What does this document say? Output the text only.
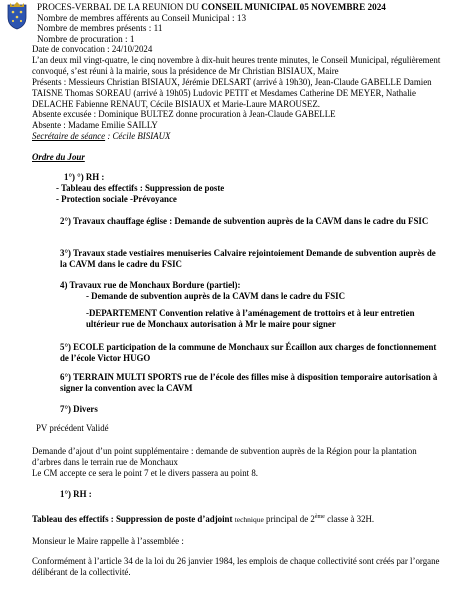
PROCES-VERBAL DE LA REUNION DU CONSEIL MUNICIPAL 05 NOVEMBRE 2024
Nombre de membres afférents au Conseil Municipal : 13
Nombre de membres présents : 11
Nombre de procuration : 1

Date de convocation : 24/10/2024

L’an deux mil vingt-quatre, le cinq novembre à dix-huit heures trente minutes, le Conseil Municipal, régulièrement convoqué, s’est réuni à la mairie, sous la présidence de Mr Christian BISIAUX, Maire

Présents : Messieurs Christian BISIAUX, Jérémie DELSART (arrivé à 19h30), Jean-Claude GABELLE Damien TAISNE Thomas SOREAU (arrivé à 19h05) Ludovic PETIT et Mesdames Catherine DE MEYER, Nathalie DELACHE Fabienne RENAUT, Cécile BISIAUX et Marie-Laure MAROUSEZ.

Absente excusée : Dominique BULTEZ donne procuration à Jean-Claude GABELLE

Absente : Madame Emilie SAILLY

Secrétaire de séance : Cécile BISIAUX

Ordre du Jour

1°) °) RH :

- Tableau des effectifs : Suppression de poste

- Protection sociale -Prévoyance

2°) Travaux chauffage église : Demande de subvention auprès de la CAVM dans le cadre du FSIC
3°) Travaux stade vestiaires menuiseries Calvaire rejointoiement Demande de subvention auprès de la CAVM dans le cadre du FSIC

4) Travaux rue de Monchaux Bordure (partiel):

- Demande de subvention auprès de la CAVM dans le cadre du FSIC

-DEPARTEMENT Convention relative à l’aménagement de trottoirs et à leur entretien ultérieur rue de Monchaux autorisation à Mr le maire pour signer

5°) ECOLE participation de la commune de Monchaux sur Écaillon aux charges de fonctionnement de l’école Victor HUGO
6°) TERRAIN MULTI SPORTS rue de l’école des filles mise à disposition temporaire autorisation à signer la convention avec la CAVM
7°) Divers
PV précédent Validé
Demande d’ajout d’un point supplémentaire : demande de subvention auprès de la Région pour la plantation d’arbres dans le terrain rue de Monchaux
Le CM accepte ce sera le point 7 et le divers passera au point 8.
1°) RH :
Tableau des effectifs : Suppression de poste d’adjoint technique principal de 2ème classe à 32H.
Monsieur le Maire rappelle à l’assemblée :
Conformément à l’article 34 de la loi du 26 janvier 1984, les emplois de chaque collectivité sont créés par l’organe délibérant de la collectivité.
